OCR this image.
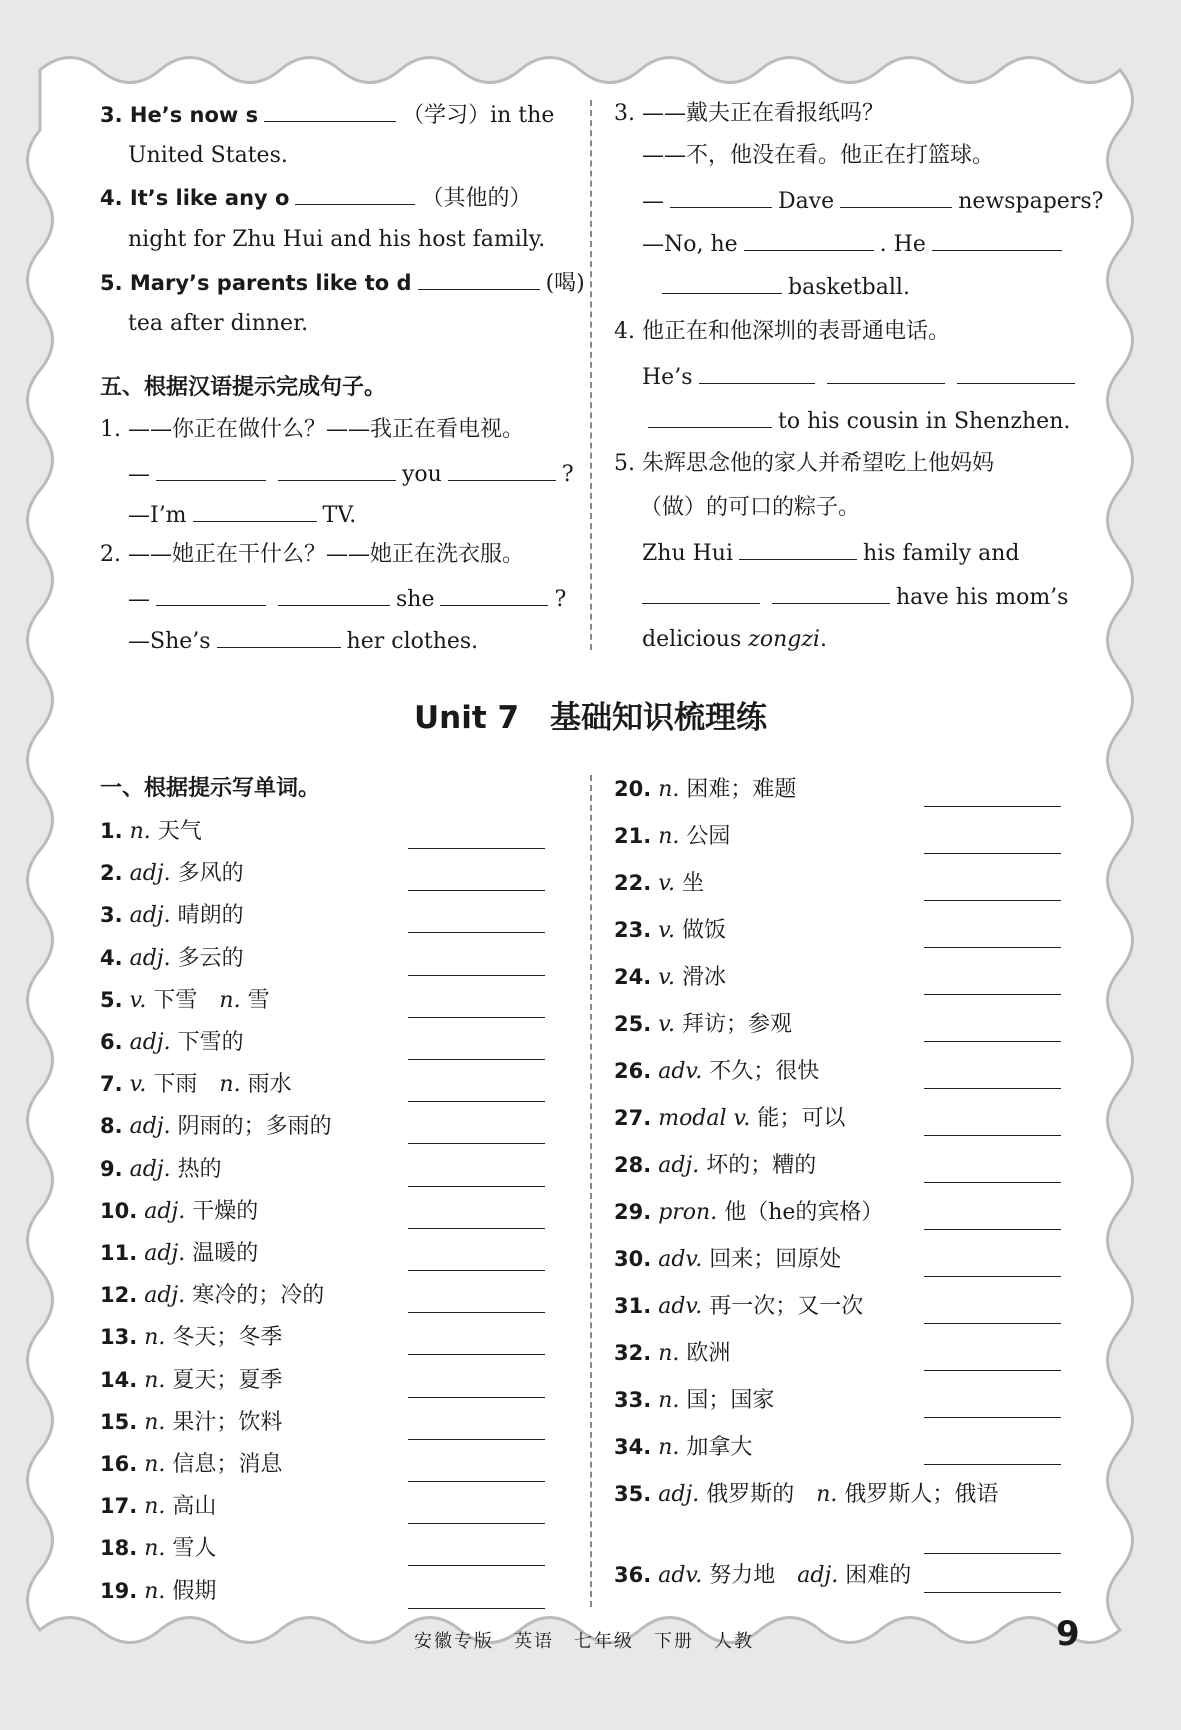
3. He’s now s	（学习）in the
United States.
4. It’s like any o	（其他的）
night for Zhu Hui and his host family.
5. Mary’s parents like to d	(喝)
tea after dinner.
五、根据汉语提示完成句子。
1. ——你正在做什么？——我正在看电视。
—	you	?
—I’m	TV.
2. ——她正在干什么？——她正在洗衣服。
—	she	?
—She’s	her clothes.
3. ——戴夫正在看报纸吗？
——不，他没在看。他正在打篮球。
—	Dave	newspapers?
—No, he	. He
basketball.
4. 他正在和他深圳的表哥通电话。
He’s
to his cousin in Shenzhen.
5. 朱辉思念他的家人并希望吃上他妈妈
（做）的可口的粽子。
Zhu Hui	his family and
have his mom’s
delicious zongzi.
Unit 7　基础知识梳理练
一、根据提示写单词。
1. n. 天气
2. adj. 多风的
3. adj. 晴朗的
4. adj. 多云的
5. v. 下雪　n. 雪
6. adj. 下雪的
7. v. 下雨　n. 雨水
8. adj. 阴雨的；多雨的
9. adj. 热的
10. adj. 干燥的
11. adj. 温暖的
12. adj. 寒冷的；冷的
13. n. 冬天；冬季
14. n. 夏天；夏季
15. n. 果汁；饮料
16. n. 信息；消息
17. n. 高山
18. n. 雪人
19. n. 假期
20. n. 困难；难题
21. n. 公园
22. v. 坐
23. v. 做饭
24. v. 滑冰
25. v. 拜访；参观
26. adv. 不久；很快
27. modal v. 能；可以
28. adj. 坏的；糟的
29. pron. 他（he的宾格）
30. adv. 回来；回原处
31. adv. 再一次；又一次
32. n. 欧洲
33. n. 国；国家
34. n. 加拿大
35. adj. 俄罗斯的　n. 俄罗斯人；俄语
36. adv. 努力地　adj. 困难的
安徽专版　英语　七年级　下册　人教	9
